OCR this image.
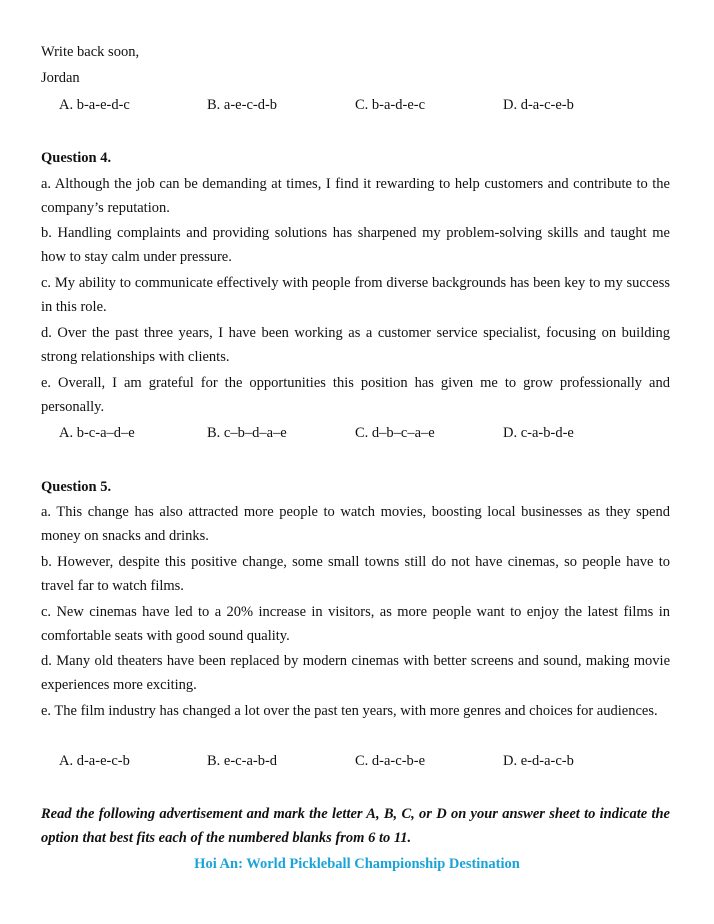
Write back soon,
Jordan
A. b-a-e-d-c	B. a-e-c-d-b	C. b-a-d-e-c	D. d-a-c-e-b
Question 4.
a. Although the job can be demanding at times, I find it rewarding to help customers and contribute to the company’s reputation.
b. Handling complaints and providing solutions has sharpened my problem-solving skills and taught me how to stay calm under pressure.
c. My ability to communicate effectively with people from diverse backgrounds has been key to my success in this role.
d. Over the past three years, I have been working as a customer service specialist, focusing on building strong relationships with clients.
e. Overall, I am grateful for the opportunities this position has given me to grow professionally and personally.
A. b-c-a–d–e	B. c–b–d–a–e	C. d–b–c–a–e	D. c-a-b-d-e
Question 5.
a. This change has also attracted more people to watch movies, boosting local businesses as they spend money on snacks and drinks.
b. However, despite this positive change, some small towns still do not have cinemas, so people have to travel far to watch films.
c. New cinemas have led to a 20% increase in visitors, as more people want to enjoy the latest films in comfortable seats with good sound quality.
d. Many old theaters have been replaced by modern cinemas with better screens and sound, making movie experiences more exciting.
e. The film industry has changed a lot over the past ten years, with more genres and choices for audiences.
A. d-a-e-c-b	B. e-c-a-b-d	C. d-a-c-b-e	D. e-d-a-c-b
Read the following advertisement and mark the letter A, B, C, or D on your answer sheet to indicate the option that best fits each of the numbered blanks from 6 to 11.
Hoi An: World Pickleball Championship Destination
